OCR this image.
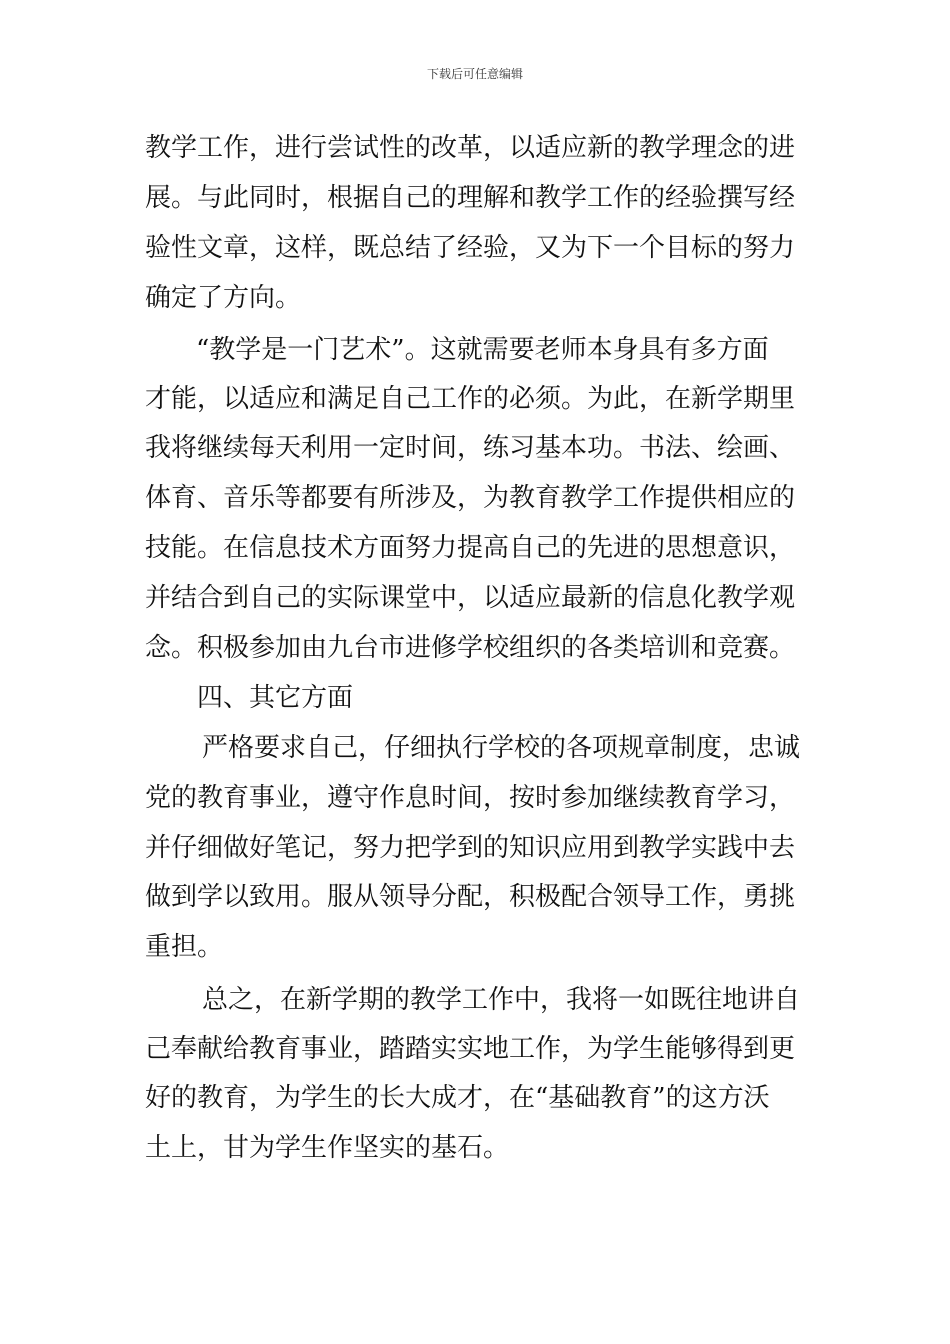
下载后可任意编辑
教学工作，进行尝试性的改革，以适应新的教学理念的进
展。与此同时，根据自己的理解和教学工作的经验撰写经
验性文章，这样，既总结了经验，又为下一个目标的努力
确定了方向。
“教学是一门艺术”。这就需要老师本身具有多方面
才能，以适应和满足自己工作的必须。为此，在新学期里
我将继续每天利用一定时间，练习基本功。书法、绘画、
体育、音乐等都要有所涉及，为教育教学工作提供相应的
技能。在信息技术方面努力提高自己的先进的思想意识，
并结合到自己的实际课堂中，以适应最新的信息化教学观
念。积极参加由九台市进修学校组织的各类培训和竞赛。
四、其它方面
严格要求自己，仔细执行学校的各项规章制度，忠诚
党的教育事业，遵守作息时间，按时参加继续教育学习，
并仔细做好笔记，努力把学到的知识应用到教学实践中去
做到学以致用。服从领导分配，积极配合领导工作，勇挑
重担。
总之，在新学期的教学工作中，我将一如既往地讲自
己奉献给教育事业，踏踏实实地工作，为学生能够得到更
好的教育，为学生的长大成才，在“基础教育”的这方沃
土上，甘为学生作坚实的基石。
